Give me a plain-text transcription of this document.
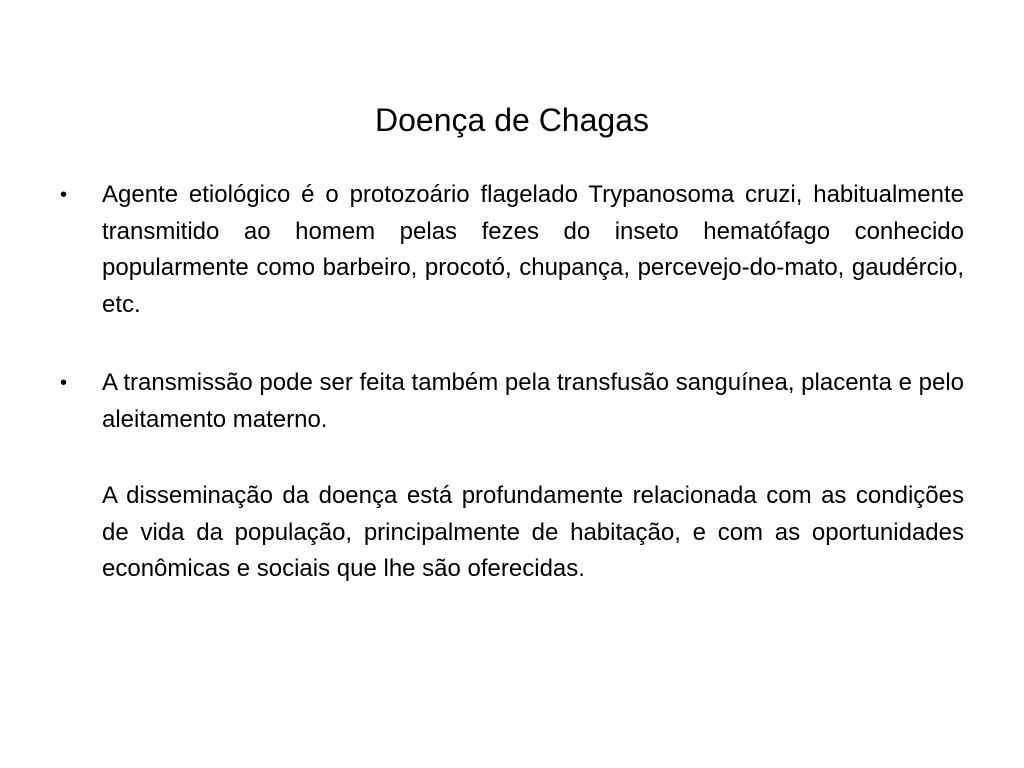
Doença de Chagas
•	Agente etiológico é o protozoário flagelado Trypanosoma cruzi, habitualmente transmitido ao homem pelas fezes do inseto hematófago conhecido popularmente como barbeiro, procotó, chupança, percevejo-do-mato, gaudércio, etc.
•	A transmissão pode ser feita também pela transfusão sanguínea, placenta e pelo aleitamento materno.
A disseminação da doença está profundamente relacionada com as condições de vida da população, principalmente de habitação, e com as oportunidades econômicas e sociais que lhe são oferecidas.
